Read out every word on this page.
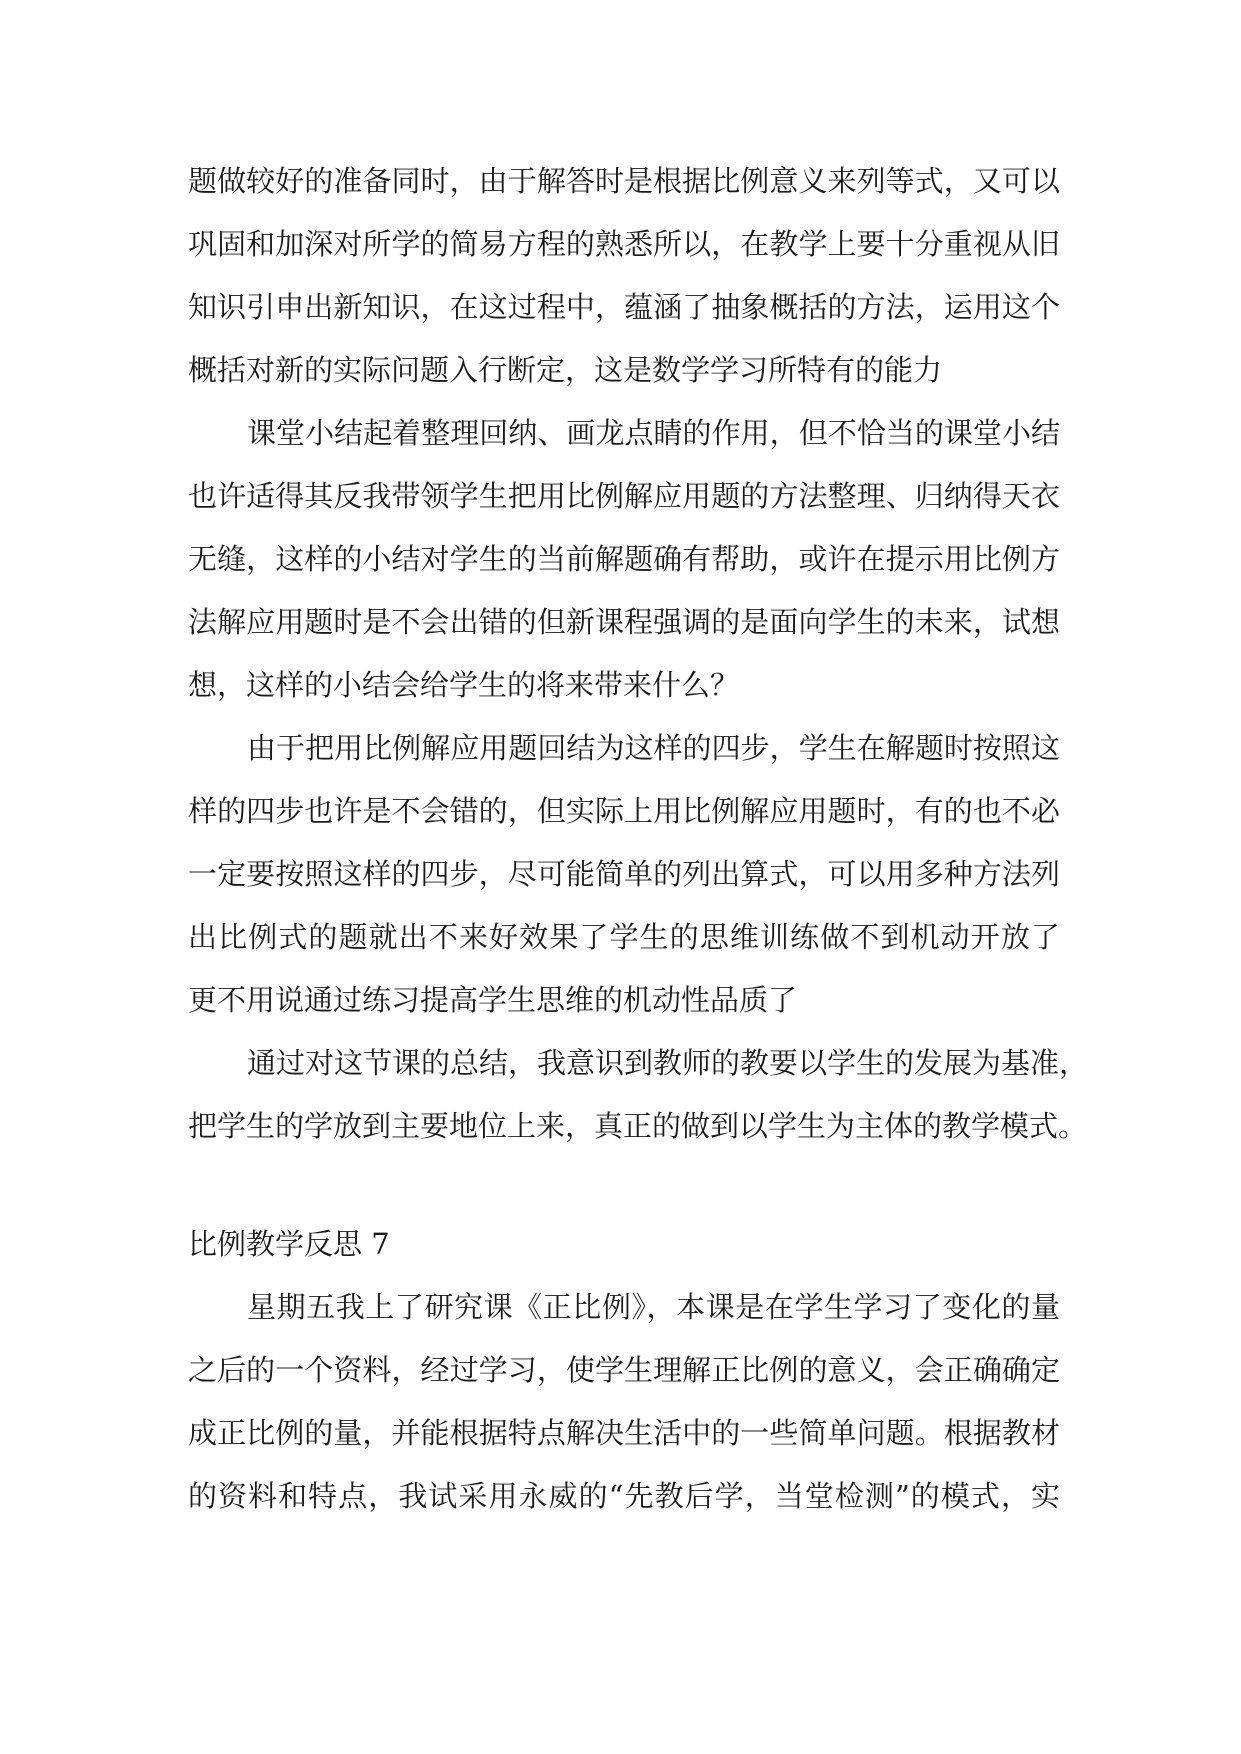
题做较好的准备同时，由于解答时是根据比例意义来列等式，又可以
巩固和加深对所学的简易方程的熟悉所以，在教学上要十分重视从旧
知识引申出新知识，在这过程中，蕴涵了抽象概括的方法，运用这个
概括对新的实际问题入行断定，这是数学学习所特有的能力
课堂小结起着整理回纳、画龙点睛的作用，但不恰当的课堂小结
也许适得其反我带领学生把用比例解应用题的方法整理、归纳得天衣
无缝，这样的小结对学生的当前解题确有帮助，或许在提示用比例方
法解应用题时是不会出错的但新课程强调的是面向学生的未来，试想
想，这样的小结会给学生的将来带来什么？
由于把用比例解应用题回结为这样的四步，学生在解题时按照这
样的四步也许是不会错的，但实际上用比例解应用题时，有的也不必
一定要按照这样的四步，尽可能简单的列出算式，可以用多种方法列
出比例式的题就出不来好效果了学生的思维训练做不到机动开放了
更不用说通过练习提高学生思维的机动性品质了
通过对这节课的总结，我意识到教师的教要以学生的发展为基准，
把学生的学放到主要地位上来，真正的做到以学生为主体的教学模式。
比例教学反思 7
星期五我上了研究课《正比例》，本课是在学生学习了变化的量
之后的一个资料，经过学习，使学生理解正比例的意义，会正确确定
成正比例的量，并能根据特点解决生活中的一些简单问题。根据教材
的资料和特点，我试采用永威的“先教后学，当堂检测”的模式，实
